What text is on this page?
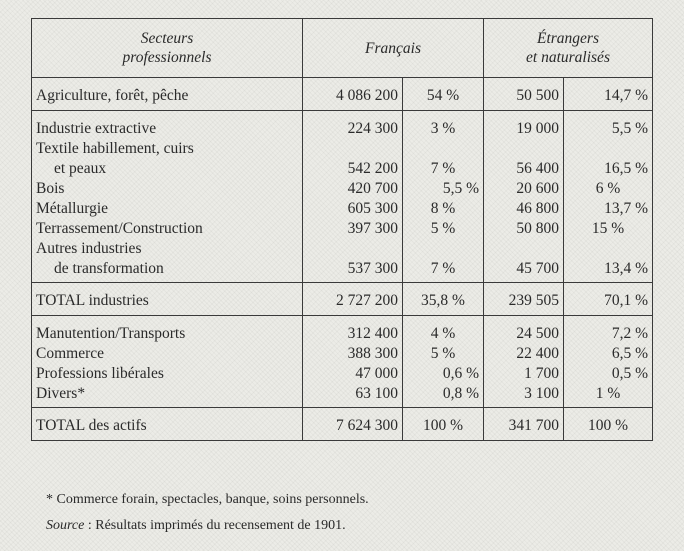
Secteurs
professionnels	Français		Étrangers
et naturalisés	
Agriculture, forêt, pêche	4 086 200	54 %	50 500	14,7 %
Industrie extractive	224 300	3 %	19 000	5,5 %
Textile habillement, cuirs
et peaux	542 200	7 %	56 400	16,5 %
Bois	420 700	5,5 %	20 600	6 %
Métallurgie	605 300	8 %	46 800	13,7 %
Terrassement/Construction	397 300	5 %	50 800	15 %
Autres industries
de transformation	537 300	7 %	45 700	13,4 %
TOTAL industries	2 727 200	35,8 %	239 505	70,1 %
Manutention/Transports	312 400	4 %	24 500	7,2 %
Commerce	388 300	5 %	22 400	6,5 %
Professions libérales	47 000	0,6 %	1 700	0,5 %
Divers*	63 100	0,8 %	3 100	1 %
TOTAL des actifs	7 624 300	100 %	341 700	100 %
* Commerce forain, spectacles, banque, soins personnels.
Source : Résultats imprimés du recensement de 1901.
